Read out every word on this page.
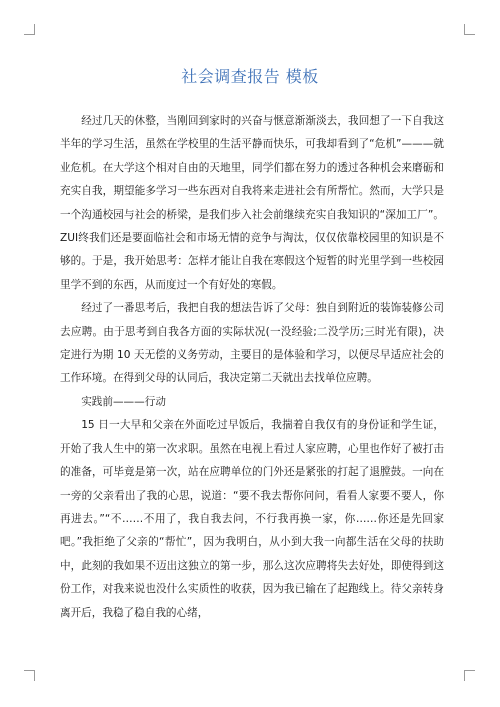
社会调查报告 模板

经过几天的休整，当刚回到家时的兴奋与惬意渐渐淡去，我回想了一下自我这半年的学习生活，虽然在学校里的生活平静而快乐，可我却看到了“危机”———就业危机。在大学这个相对自由的天地里，同学们都在努力的透过各种机会来磨砺和充实自我，期望能多学习一些东西对自我将来走进社会有所帮忙。然而，大学只是一个沟通校园与社会的桥梁，是我们步入社会前继续充实自我知识的“深加工厂”。ZUI终我们还是要面临社会和市场无情的竞争与淘汰，仅仅依靠校园里的知识是不够的。于是，我开始思考：怎样才能让自我在寒假这个短暂的时光里学到一些校园里学不到的东西，从而度过一个有好处的寒假。

经过了一番思考后，我把自我的想法告诉了父母：独自到附近的装饰装修公司去应聘。由于思考到自我各方面的实际状况(一没经验;二没学历;三时光有限)，决定进行为期 10 天无偿的义务劳动，主要目的是体验和学习，以便尽早适应社会的工作环境。在得到父母的认同后，我决定第二天就出去找单位应聘。

实践前———行动

15 日一大早和父亲在外面吃过早饭后，我揣着自我仅有的身份证和学生证，开始了我人生中的第一次求职。虽然在电视上看过人家应聘，心里也作好了被打击的准备，可毕竟是第一次，站在应聘单位的门外还是紧张的打起了退膛鼓。一向在一旁的父亲看出了我的心思，说道：“要不我去帮你问问，看看人家要不要人，你再进去。”“不……不用了，我自我去问，不行我再换一家，你……你还是先回家吧。”我拒绝了父亲的“帮忙”，因为我明白，从小到大我一向都生活在父母的扶助中，此刻的我如果不迈出这独立的第一步，那么这次应聘将失去好处，即使得到这份工作，对我来说也没什么实质性的收获，因为我已输在了起跑线上。待父亲转身离开后，我稳了稳自我的心绪，
